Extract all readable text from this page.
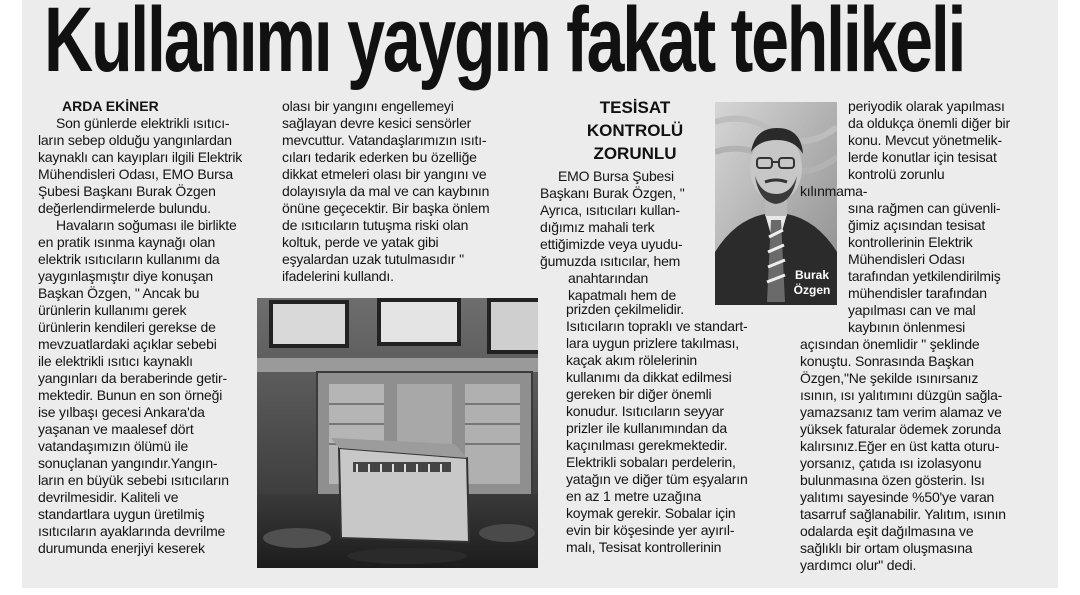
Kullanımı yaygın fakat tehlikeli
ARDA EKİNER

Son günlerde elektrikli ısıtıcı-
ların sebep olduğu yangınlardan
kaynaklı can kayıpları ilgili Elektrik
Mühendisleri Odası, EMO Bursa
Şubesi Başkanı Burak Özgen
değerlendirmelerde bulundu.

Havaların soğuması ile birlikte
en pratik ısınma kaynağı olan
elektrik ısıtıcıların kullanımı da
yaygınlaşmıştır diye konuşan
Başkan Özgen, " Ancak bu
ürünlerin kullanımı gerek
ürünlerin kendileri gerekse de
mevzuatlardaki açıklar sebebi
ile elektrikli ısıtıcı kaynaklı
yangınları da beraberinde getir-
mektedir. Bunun en son örneği
ise yılbaşı gecesi Ankara'da
yaşanan ve maalesef dört
vatandaşımızın ölümü ile
sonuçlanan yangındır.Yangın-
ların en büyük sebebi ısıtıcıların
devrilmesidir. Kaliteli ve
standartlara uygun üretilmiş
ısıtıcıların ayaklarında devrilme
durumunda enerjiyi keserek

olası bir yangını engellemeyi
sağlayan devre kesici sensörler
mevcuttur. Vatandaşlarımızın ısıtı-
cıları tedarik ederken bu özelliğe
dikkat etmeleri olası bir yangını ve
dolayısıyla da mal ve can kaybının
önüne geçecektir. Bir başka önlem
de ısıtıcıların tutuşma riski olan
koltuk, perde ve yatak gibi
eşyalardan uzak tutulmasıdır "
ifadelerini kullandı.
TESİSAT
KONTROLÜ
ZORUNLU
EMO Bursa Şubesi
Başkanı Burak Özgen, "
Ayrıca, ısıtıcıları kullan-
dığımız mahali terk
ettiğimizde veya uyudu-
ğumuzda ısıtıcılar, hem
anahtarından
kapatmalı hem de
prizden çekilmelidir.
Isıtıcıların topraklı ve standart-
lara uygun prizlere takılması,
kaçak akım rölelerinin
kullanımı da dikkat edilmesi
gereken bir diğer önemli
konudur. Isıtıcıların seyyar
prizler ile kullanımından da
kaçınılması gerekmektedir.
Elektrikli sobaları perdelerin,
yatağın ve diğer tüm eşyaların
en az 1 metre uzağına
koymak gerekir. Sobalar için
evin bir köşesinde yer ayırıl-
malı, Tesisat kontrollerinin
Burak
Özgen
periyodik olarak yapılması
da oldukça önemli diğer bir
konu. Mevcut yönetmelik-
lerde konutlar için tesisat
kontrolü zorunlu kılınmama-
sına rağmen can güvenli-
ğimiz açısından tesisat
kontrollerinin Elektrik
Mühendisleri Odası
tarafından yetkilendirilmiş
mühendisler tarafından
yapılması can ve mal
kaybının önlenmesi
açısından önemlidir " şeklinde
konuştu. Sonrasında Başkan
Özgen,"Ne şekilde ısınırsanız
ısının, ısı yalıtımını düzgün sağla-
yamazsanız tam verim alamaz ve
yüksek faturalar ödemek zorunda
kalırsınız.Eğer en üst katta oturu-
yorsanız, çatıda ısı izolasyonu
bulunmasına özen gösterin. Isı
yalıtımı sayesinde %50'ye varan
tasarruf sağlanabilir. Yalıtım, ısının
odalarda eşit dağılmasına ve
sağlıklı bir ortam oluşmasına
yardımcı olur" dedi.
